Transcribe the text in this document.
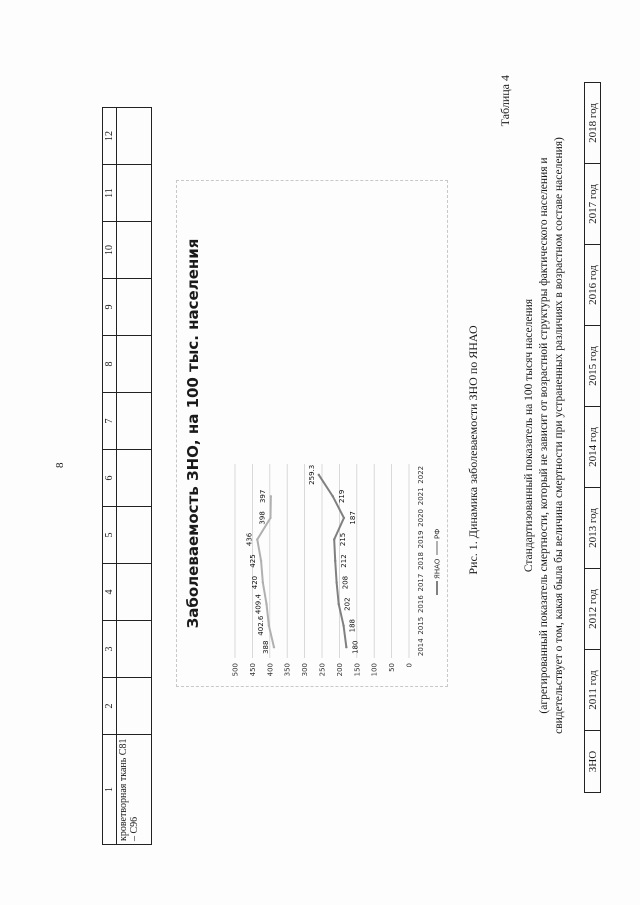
8
1	2	3	4	5	6	7	8	9	10	11	12
кроветворная ткань C81 – C96											
Заболеваемость ЗНО, на 100 тыс. населения
0
50
100
150
200
250
300
350
400
450
500
2014
2015
2016
2017
2018
2019
2020
2021
2022
180
188
202
208
212
215
187
219
259.3
388
402.6
409.4
420
425
436
398
397
ЯНАО
РФ Рис. 1. Динамика заболеваемости ЗНО по ЯНАО
Таблица 4
Стандартизованный показатель на 100 тысяч населения (агрегированный показатель смертности, который не зависит от возрастной структуры фактического населения и свидетельствует о том, какая была бы величина смертности при устраненных различиях в возрастном составе населения)
ЗНО	2011 год	2012 год	2013 год	2014 год	2015 год	2016 год	2017 год	2018 год
